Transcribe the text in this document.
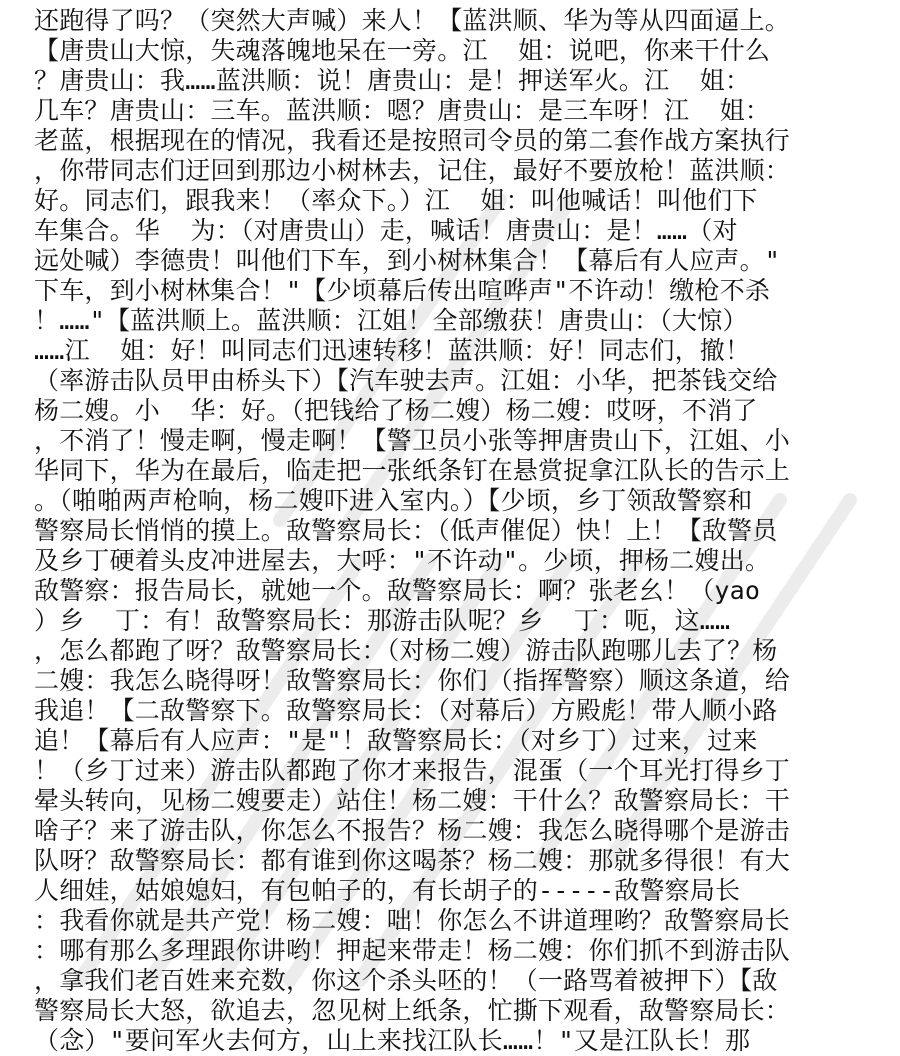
还跑得了吗？（突然大声喊）来人！【蓝洪顺、华为等从四面逼上。
【唐贵山大惊，失魂落魄地呆在一旁。江  姐：说吧，你来干什么
？唐贵山：我……蓝洪顺：说！唐贵山：是！押送军火。江  姐：
几车？唐贵山：三车。蓝洪顺：嗯？唐贵山：是三车呀！江  姐：
老蓝，根据现在的情况，我看还是按照司令员的第二套作战方案执行
，你带同志们迂回到那边小树林去，记住，最好不要放枪！蓝洪顺：
好。同志们，跟我来！（率众下。）江  姐：叫他喊话！叫他们下
车集合。华  为：（对唐贵山）走，喊话！唐贵山：是！……（对
远处喊）李德贵！叫他们下车，到小树林集合！【幕后有人应声。"
下车，到小树林集合！"【少顷幕后传出喧哗声"不许动！缴枪不杀
！……"【蓝洪顺上。蓝洪顺：江姐！全部缴获！唐贵山：（大惊）
……江  姐：好！叫同志们迅速转移！蓝洪顺：好！同志们，撤！
（率游击队员甲由桥头下）【汽车驶去声。江姐：小华，把茶钱交给
杨二嫂。小  华：好。（把钱给了杨二嫂）杨二嫂：哎呀，不消了
，不消了！慢走啊，慢走啊！【警卫员小张等押唐贵山下，江姐、小
华同下，华为在最后，临走把一张纸条钉在悬赏捉拿江队长的告示上
。（啪啪两声枪响，杨二嫂吓进入室内。）【少顷，乡丁领敌警察和
警察局长悄悄的摸上。敌警察局长：（低声催促）快！上！【敌警员
及乡丁硬着头皮冲进屋去，大呼："不许动"。少顷，押杨二嫂出。
敌警察：报告局长，就她一个。敌警察局长：啊？张老幺！（yao
）乡  丁：有！敌警察局长：那游击队呢？乡  丁：呃，这……
，怎么都跑了呀？敌警察局长：（对杨二嫂）游击队跑哪儿去了？杨
二嫂：我怎么晓得呀！敌警察局长：你们（指挥警察）顺这条道，给
我追！【二敌警察下。敌警察局长：（对幕后）方殿彪！带人顺小路
追！【幕后有人应声："是"！敌警察局长：（对乡丁）过来，过来
！（乡丁过来）游击队都跑了你才来报告，混蛋（一个耳光打得乡丁
晕头转向，见杨二嫂要走）站住！杨二嫂：干什么？敌警察局长：干
啥子？来了游击队，你怎么不报告？杨二嫂：我怎么晓得哪个是游击
队呀？敌警察局长：都有谁到你这喝茶？杨二嫂：那就多得很！有大
人细娃，姑娘媳妇，有包帕子的，有长胡子的-----敌警察局长
：我看你就是共产党！杨二嫂：咄！你怎么不讲道理哟？敌警察局长
：哪有那么多理跟你讲哟！押起来带走！杨二嫂：你们抓不到游击队
，拿我们老百姓来充数，你这个杀头呸的！（一路骂着被押下）【敌
警察局长大怒，欲追去，忽见树上纸条，忙撕下观看，敌警察局长：
（念）"要问军火去何方，山上来找江队长……！"又是江队长！那
